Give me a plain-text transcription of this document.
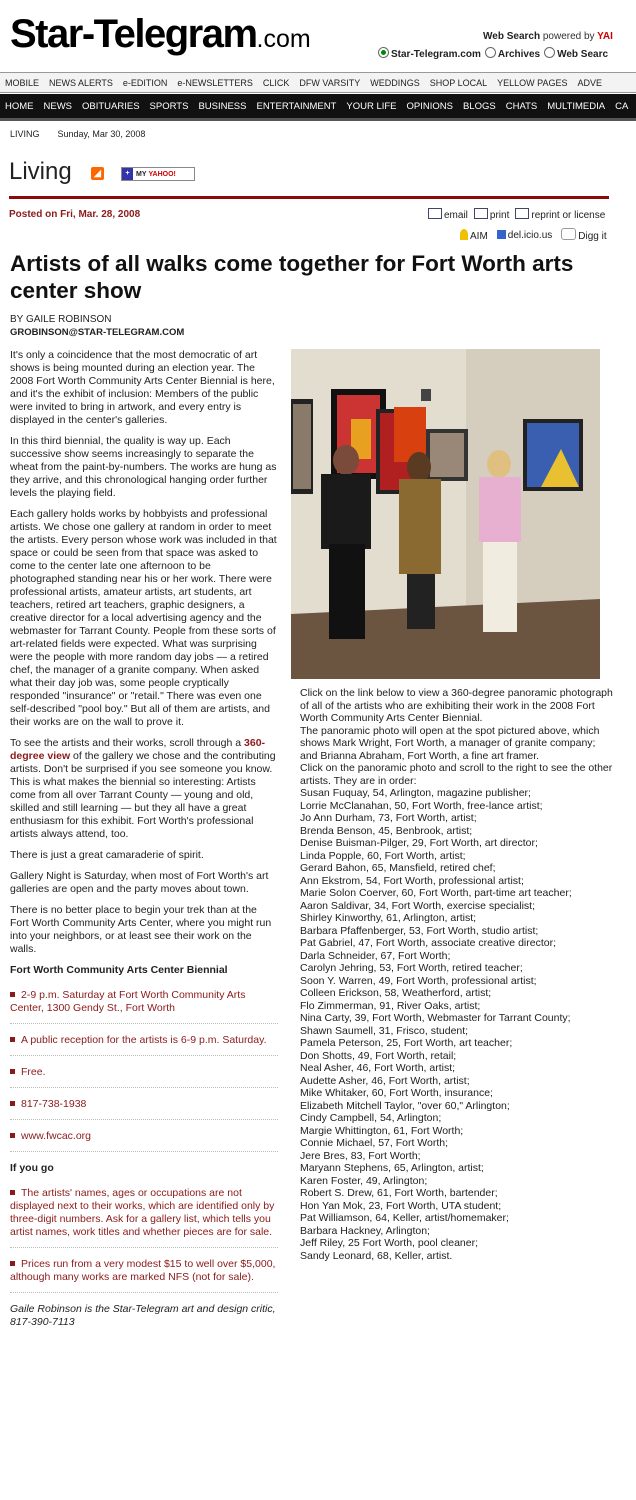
Star-Telegram.com	Web Search powered by YAI
Star-Telegram.com	Archives	Web Searc
MOBILE	NEWS ALERTS	e-EDITION	e-NEWSLETTERS	CLICK	DFW VARSITY	WEDDINGS	SHOP LOCAL	YELLOW PAGES	ADVE
HOME	NEWS	OBITUARIES	SPORTS	BUSINESS	ENTERTAINMENT	YOUR LIFE	OPINIONS	BLOGS	CHATS	MULTIMEDIA	CA
LIVING Sunday, Mar 30, 2008
Living	◢	+ MY YAHOO!
Posted on Fri, Mar. 28, 2008	email	print	reprint or license
AIM	del.icio.us	Digg it
Artists of all walks come together for Fort Worth arts center show
BY GAILE ROBINSON
GROBINSON@STAR-TELEGRAM.COM

It's only a coincidence that the most democratic of art shows is being mounted during an election year. The 2008 Fort Worth Community Arts Center Biennial is here, and it's the exhibit of inclusion: Members of the public were invited to bring in artwork, and every entry is displayed in the center's galleries.

In this third biennial, the quality is way up. Each successive show seems increasingly to separate the wheat from the paint-by-numbers. The works are hung as they arrive, and this chronological hanging order further levels the playing field.

Each gallery holds works by hobbyists and professional artists. We chose one gallery at random in order to meet the artists. Every person whose work was included in that space or could be seen from that space was asked to come to the center late one afternoon to be photographed standing near his or her work. There were professional artists, amateur artists, art students, art teachers, retired art teachers, graphic designers, a creative director for a local advertising agency and the webmaster for Tarrant County. People from these sorts of art-related fields were expected. What was surprising were the people with more random day jobs — a retired chef, the manager of a granite company. When asked what their day job was, some people cryptically responded "insurance" or "retail." There was even one self-described "pool boy." But all of them are artists, and their works are on the wall to prove it.

To see the artists and their works, scroll through a 360-degree view of the gallery we chose and the contributing artists. Don't be surprised if you see someone you know. This is what makes the biennial so interesting: Artists come from all over Tarrant County — young and old, skilled and still learning — but they all have a great enthusiasm for this exhibit. Fort Worth's professional artists always attend, too.

There is just a great camaraderie of spirit.

Gallery Night is Saturday, when most of Fort Worth's art galleries are open and the party moves about town.

There is no better place to begin your trek than at the Fort Worth Community Arts Center, where you might run into your neighbors, or at least see their work on the walls.

Fort Worth Community Arts Center Biennial
2-9 p.m. Saturday at Fort Worth Community Arts Center, 1300 Gendy St., Fort Worth
A public reception for the artists is 6-9 p.m. Saturday.
Free.
817-738-1938
www.fwcac.org
If you go
The artists' names, ages or occupations are not displayed next to their works, which are identified only by three-digit numbers. Ask for a gallery list, which tells you artist names, work titles and whether pieces are for sale.
Prices run from a very modest $15 to well over $5,000, although many works are marked NFS (not for sale).

Gaile Robinson is the Star-Telegram art and design critic, 817-390-7113

Click on the link below to view a 360-degree panoramic photograph of all of the artists who are exhibiting their work in the 2008 Fort Worth Community Arts Center Biennial.

The panoramic photo will open at the spot pictured above, which shows Mark Wright, Fort Worth, a manager of granite company; and Brianna Abraham, Fort Worth, a fine art framer.

Click on the panoramic photo and scroll to the right to see the other artists. They are in order:

Susan Fuquay, 54, Arlington, magazine publisher;
Lorrie McClanahan, 50, Fort Worth, free-lance artist;
Jo Ann Durham, 73, Fort Worth, artist;
Brenda Benson, 45, Benbrook, artist;
Denise Buisman-Pilger, 29, Fort Worth, art director;
Linda Popple, 60, Fort Worth, artist;
Gerard Bahon, 65, Mansfield, retired chef;
Ann Ekstrom, 54, Fort Worth, professional artist;
Marie Solon Coerver, 60, Fort Worth, part-time art teacher;
Aaron Saldivar, 34, Fort Worth, exercise specialist;
Shirley Kinworthy, 61, Arlington, artist;
Barbara Pfaffenberger, 53, Fort Worth, studio artist;
Pat Gabriel, 47, Fort Worth, associate creative director;
Darla Schneider, 67, Fort Worth;
Carolyn Jehring, 53, Fort Worth, retired teacher;
Soon Y. Warren, 49, Fort Worth, professional artist;
Colleen Erickson, 58, Weatherford, artist;
Flo Zimmerman, 91, River Oaks, artist;
Nina Carty, 39, Fort Worth, Webmaster for Tarrant County;
Shawn Saumell, 31, Frisco, student;
Pamela Peterson, 25, Fort Worth, art teacher;
Don Shotts, 49, Fort Worth, retail;
Neal Asher, 46, Fort Worth, artist;
Audette Asher, 46, Fort Worth, artist;
Mike Whitaker, 60, Fort Worth, insurance;
Elizabeth Mitchell Taylor, "over 60," Arlington;
Cindy Campbell, 54, Arlington;
Margie Whittington, 61, Fort Worth;
Connie Michael, 57, Fort Worth;
Jere Bres, 83, Fort Worth;
Maryann Stephens, 65, Arlington, artist;
Karen Foster, 49, Arlington;
Robert S. Drew, 61, Fort Worth, bartender;
Hon Yan Mok, 23, Fort Worth, UTA student;
Pat Williamson, 64, Keller, artist/homemaker;
Barbara Hackney, Arlington;
Jeff Riley, 25 Fort Worth, pool cleaner;
Sandy Leonard, 68, Keller, artist.
